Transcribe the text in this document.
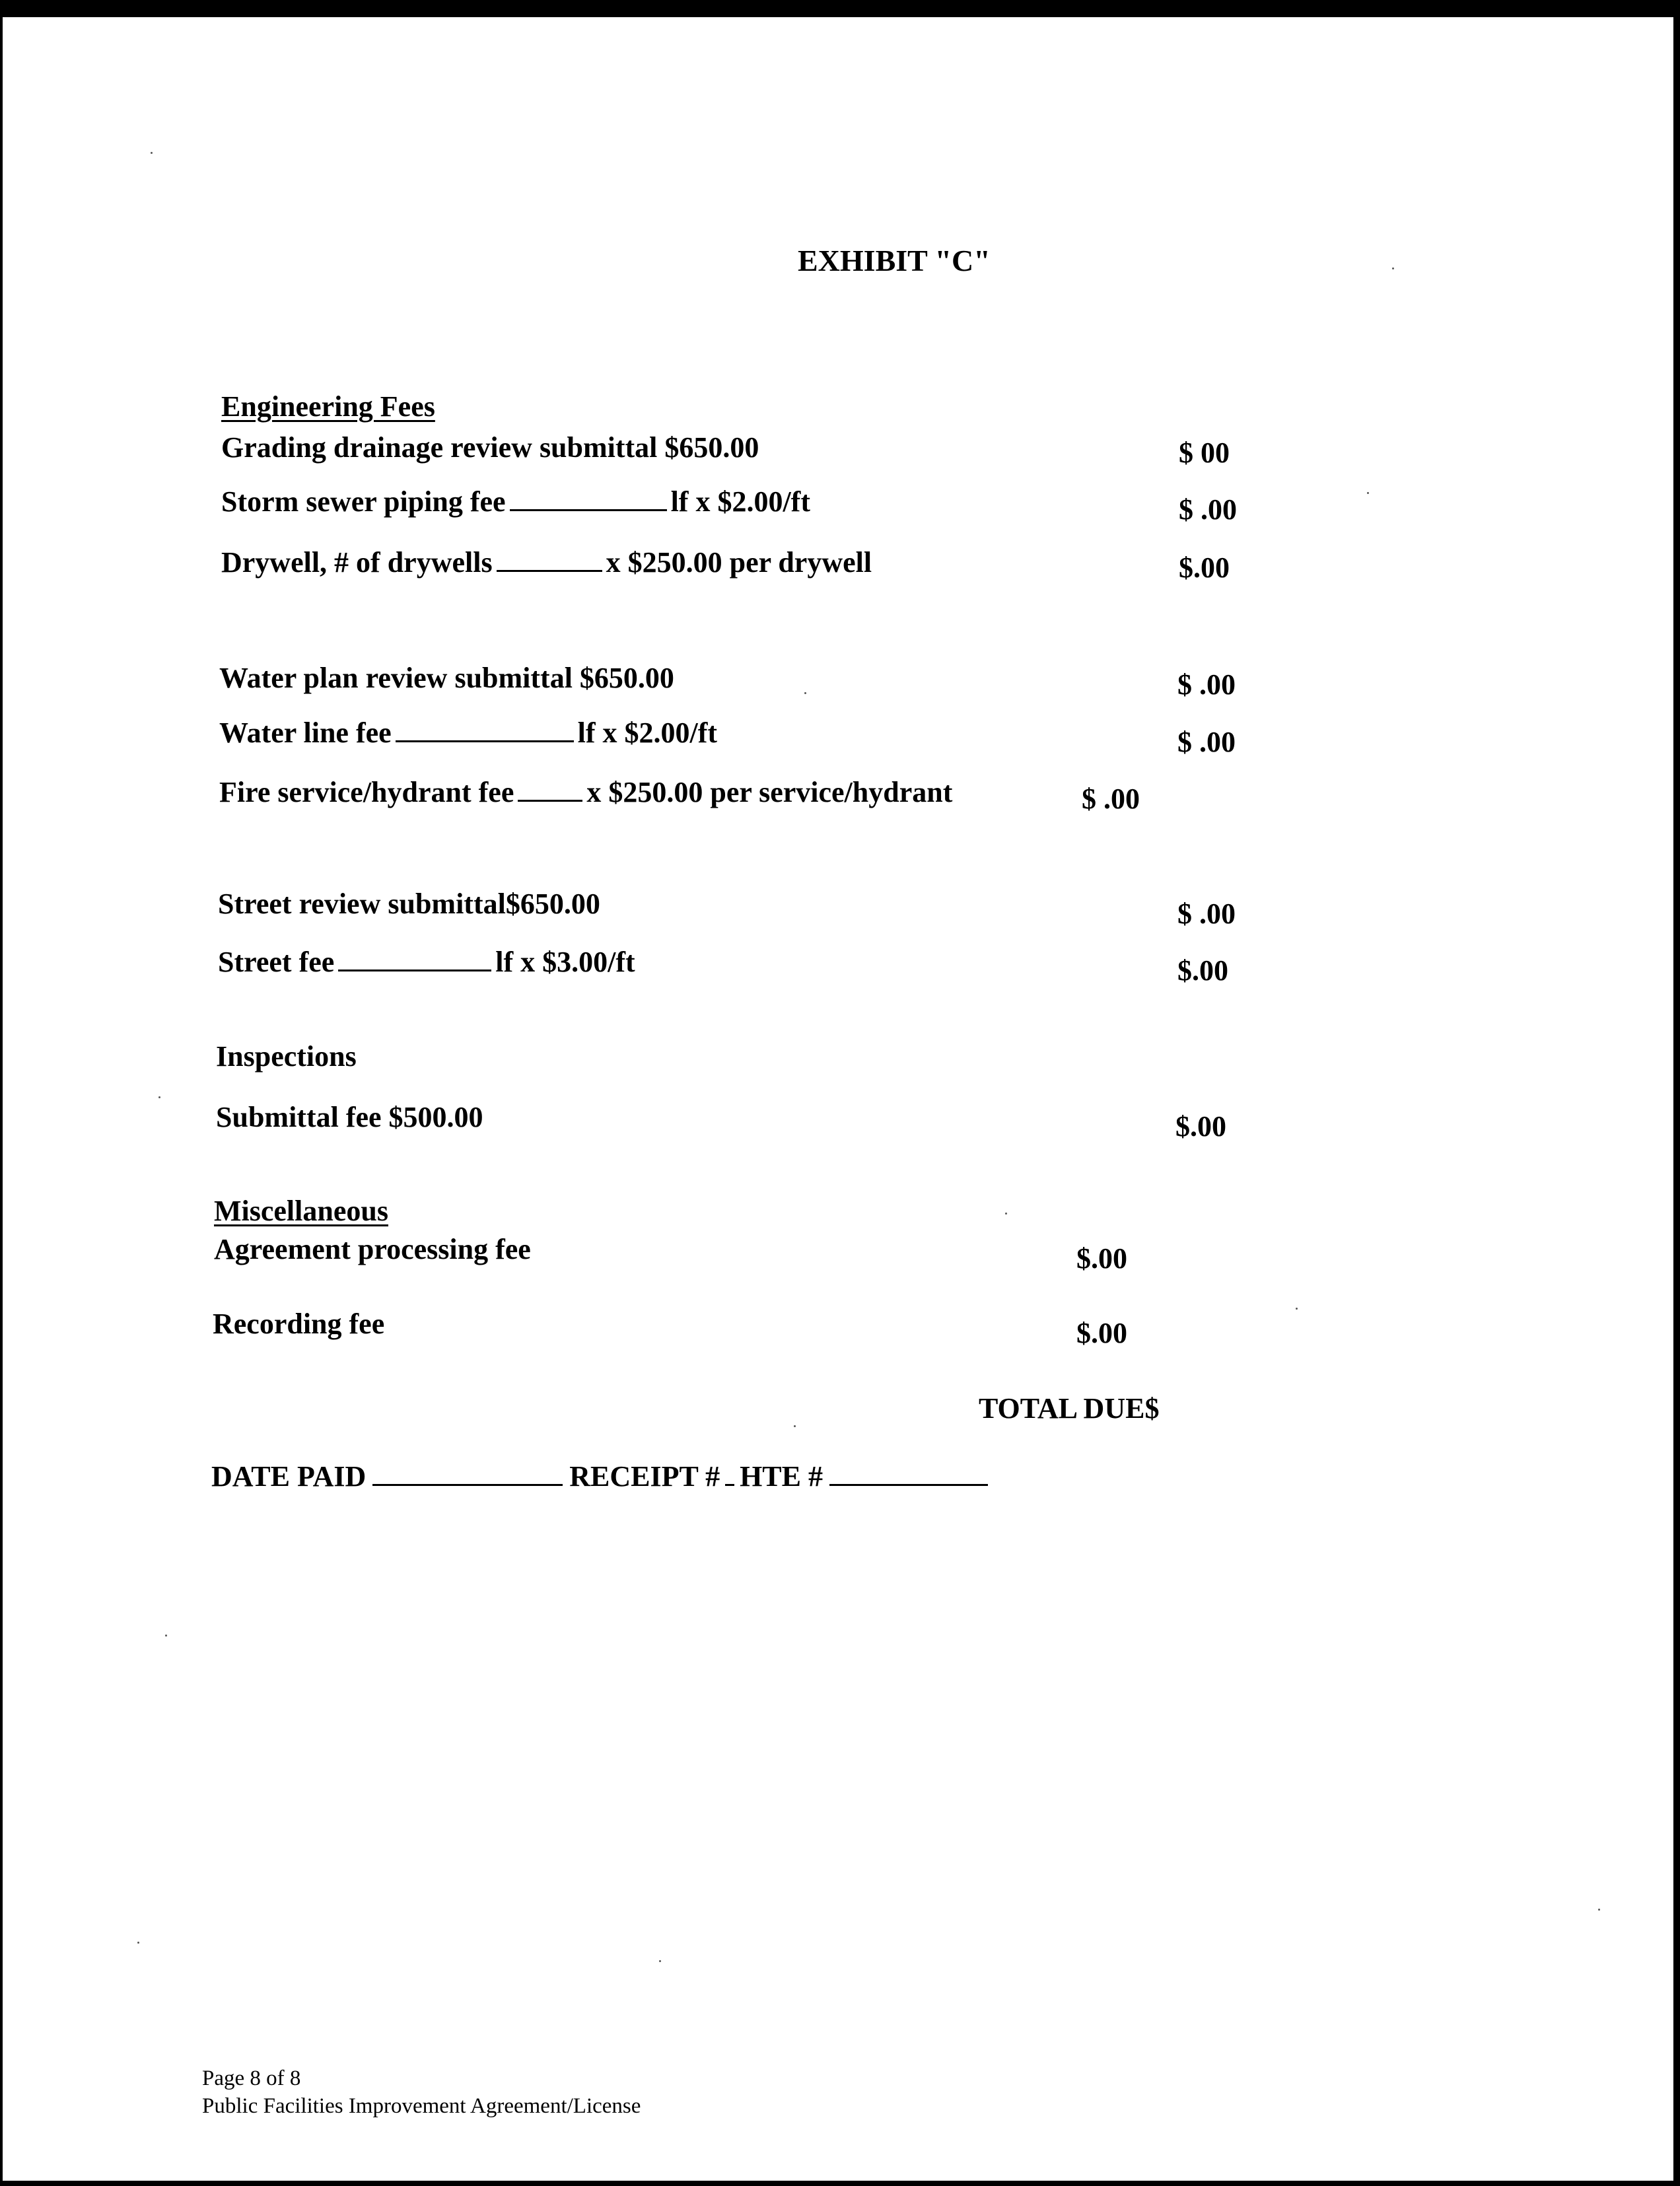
EXHIBIT "C"
Engineering Fees
Grading drainage review submittal $650.00	$ 00
Storm sewer piping fee	lf x $2.00/ft	$ .00
Drywell, # of drywells	x $250.00 per drywell	$.00
Water plan review submittal $650.00	$ .00
Water line fee	lf x $2.00/ft	$ .00
Fire service/hydrant fee	x $250.00 per service/hydrant	$ .00
Street review submittal$650.00	$ .00
Street fee	lf x $3.00/ft	$.00
Inspections
Submittal fee $500.00	$.00
Miscellaneous
Agreement processing fee	$.00
Recording fee	$.00
TOTAL DUE$
DATE PAID	RECEIPT # HTE #
Page 8 of 8
Public Facilities Improvement Agreement/License
